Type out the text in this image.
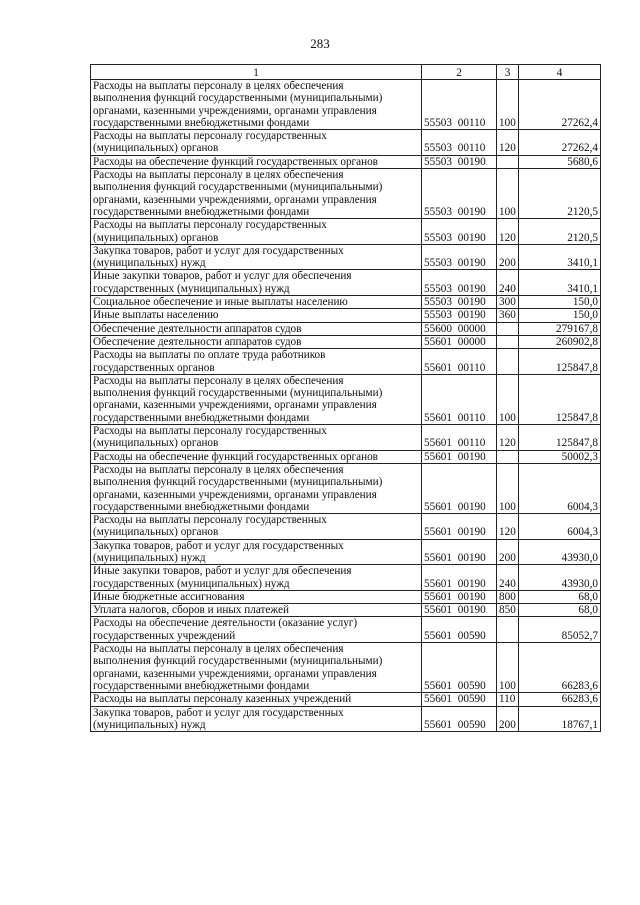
283
1	2	3	4
Расходы на выплаты персоналу в целях обеспечения
выполнения функций государственными (муниципальными)
органами, казенными учреждениями, органами управления
государственными внебюджетными фондами	55503 00110	100	27262,4
Расходы на выплаты персоналу государственных
(муниципальных) органов	55503 00110	120	27262,4
Расходы на обеспечение функций государственных органов	55503 00190		5680,6
Расходы на выплаты персоналу в целях обеспечения
выполнения функций государственными (муниципальными)
органами, казенными учреждениями, органами управления
государственными внебюджетными фондами	55503 00190	100	2120,5
Расходы на выплаты персоналу государственных
(муниципальных) органов	55503 00190	120	2120,5
Закупка товаров, работ и услуг для государственных
(муниципальных) нужд	55503 00190	200	3410,1
Иные закупки товаров, работ и услуг для обеспечения
государственных (муниципальных) нужд	55503 00190	240	3410,1
Социальное обеспечение и иные выплаты населению	55503 00190	300	150,0
Иные выплаты населению	55503 00190	360	150,0
Обеспечение деятельности аппаратов судов	55600 00000		279167,8
Обеспечение деятельности аппаратов судов	55601 00000		260902,8
Расходы на выплаты по оплате труда работников
государственных органов	55601 00110		125847,8
Расходы на выплаты персоналу в целях обеспечения
выполнения функций государственными (муниципальными)
органами, казенными учреждениями, органами управления
государственными внебюджетными фондами	55601 00110	100	125847,8
Расходы на выплаты персоналу государственных
(муниципальных) органов	55601 00110	120	125847,8
Расходы на обеспечение функций государственных органов	55601 00190		50002,3
Расходы на выплаты персоналу в целях обеспечения
выполнения функций государственными (муниципальными)
органами, казенными учреждениями, органами управления
государственными внебюджетными фондами	55601 00190	100	6004,3
Расходы на выплаты персоналу государственных
(муниципальных) органов	55601 00190	120	6004,3
Закупка товаров, работ и услуг для государственных
(муниципальных) нужд	55601 00190	200	43930,0
Иные закупки товаров, работ и услуг для обеспечения
государственных (муниципальных) нужд	55601 00190	240	43930,0
Иные бюджетные ассигнования	55601 00190	800	68,0
Уплата налогов, сборов и иных платежей	55601 00190	850	68,0
Расходы на обеспечение деятельности (оказание услуг)
государственных учреждений	55601 00590		85052,7
Расходы на выплаты персоналу в целях обеспечения
выполнения функций государственными (муниципальными)
органами, казенными учреждениями, органами управления
государственными внебюджетными фондами	55601 00590	100	66283,6
Расходы на выплаты персоналу казенных учреждений	55601 00590	110	66283,6
Закупка товаров, работ и услуг для государственных
(муниципальных) нужд	55601 00590	200	18767,1
